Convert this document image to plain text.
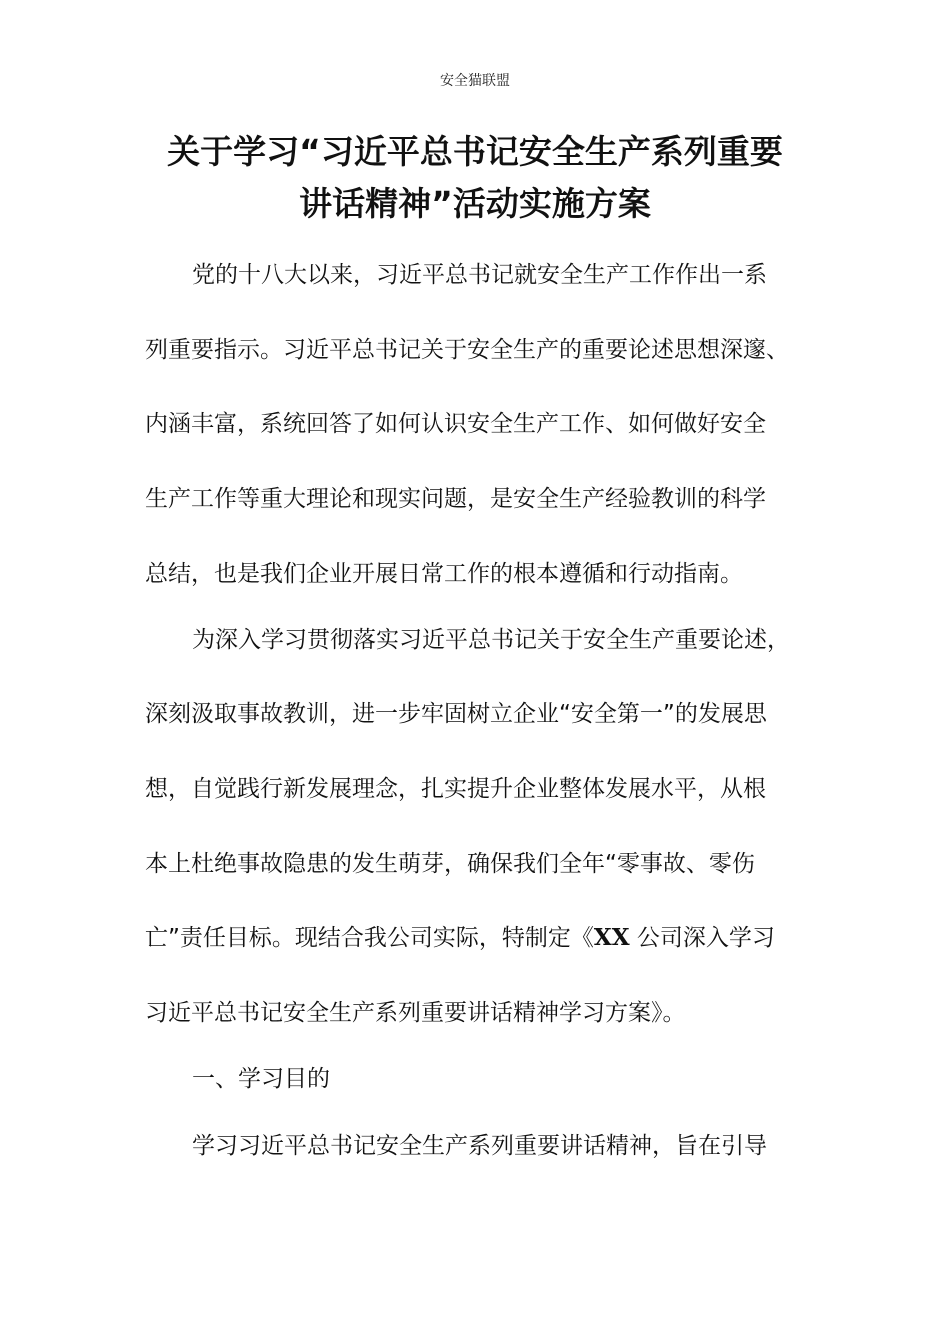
安全猫联盟
关于学习“习近平总书记安全生产系列重要
讲话精神”活动实施方案
党的十八大以来，习近平总书记就安全生产工作作出一系
列重要指示。习近平总书记关于安全生产的重要论述思想深邃、
内涵丰富，系统回答了如何认识安全生产工作、如何做好安全
生产工作等重大理论和现实问题，是安全生产经验教训的科学
总结，也是我们企业开展日常工作的根本遵循和行动指南。
为深入学习贯彻落实习近平总书记关于安全生产重要论述，
深刻汲取事故教训，进一步牢固树立企业“安全第一”的发展思
想，自觉践行新发展理念，扎实提升企业整体发展水平，从根
本上杜绝事故隐患的发生萌芽，确保我们全年“零事故、零伤
亡”责任目标。现结合我公司实际，特制定《XX 公司深入学习
习近平总书记安全生产系列重要讲话精神学习方案》。
一、学习目的
学习习近平总书记安全生产系列重要讲话精神，旨在引导
